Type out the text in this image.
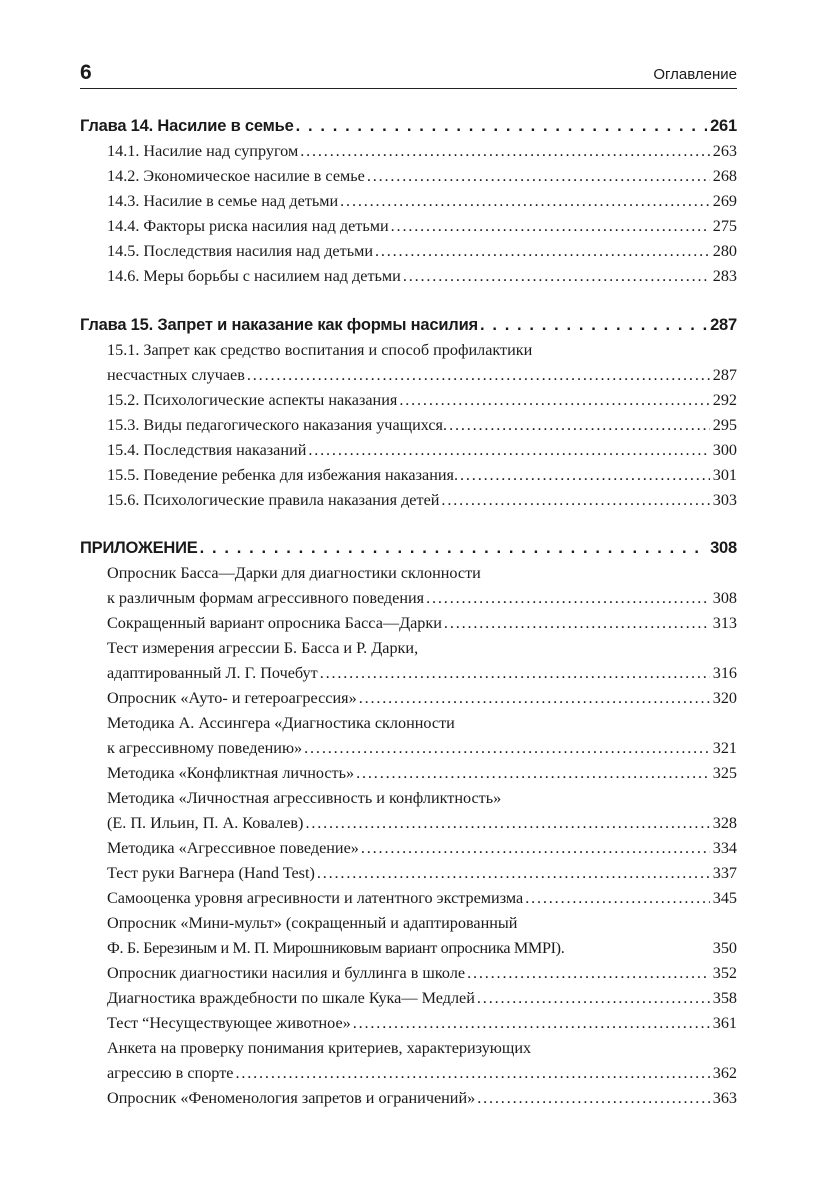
6	Оглавление
Глава 14. Насилие в семье . . .	261
14.1. Насилие над супругом . . .	263
14.2. Экономическое насилие в семье . . .	268
14.3. Насилие в семье над детьми . . .	269
14.4. Факторы риска насилия над детьми . . .	275
14.5. Последствия насилия над детьми . . .	280
14.6. Меры борьбы с насилием над детьми . . .	283
Глава 15. Запрет и наказание как формы насилия . . .	287
15.1. Запрет как средство воспитания и способ профилактики
несчастных случаев . . .	287
15.2. Психологические аспекты наказания . . .	292
15.3. Виды педагогического наказания учащихся. . . .	295
15.4. Последствия наказаний . . .	300
15.5. Поведение ребенка для избежания наказания. . . .	301
15.6. Психологические правила наказания детей . . .	303
ПРИЛОЖЕНИЕ . . .	308
Опросник Басса—Дарки для диагностики склонности
к различным формам агрессивного поведения . . .	308
Сокращенный вариант опросника Басса—Дарки . . .	313
Тест измерения агрессии Б. Басса и Р. Дарки,
адаптированный Л. Г. Почебут . . .	316
Опросник «Ауто- и гетероагрессия» . . .	320
Методика А. Ассингера «Диагностика склонности
к агрессивному поведению» . . .	321
Методика «Конфликтная личность» . . .	325
Методика «Личностная агрессивность и конфликтность»
(Е. П. Ильин, П. А. Ковалев) . . .	328
Методика «Агрессивное поведение» . . .	334
Тест руки Вагнера (Hand Test) . . .	337
Самооценка уровня агресивности и латентного экстремизма . . .	345
Опросник «Мини-мульт» (сокращенный и адаптированный
Ф. Б. Березиным и М. П. Мирошниковым вариант опросника MMPI).	350
Опросник диагностики насилия и буллинга в школе . . .	352
Диагностика враждебности по шкале Кука— Медлей . . .	358
Тест “Несуществующее животное» . . .	361
Анкета на проверку понимания критериев, характеризующих
агрессию в спорте . . .	362
Опросник «Феноменология запретов и ограничений» . . .	363
